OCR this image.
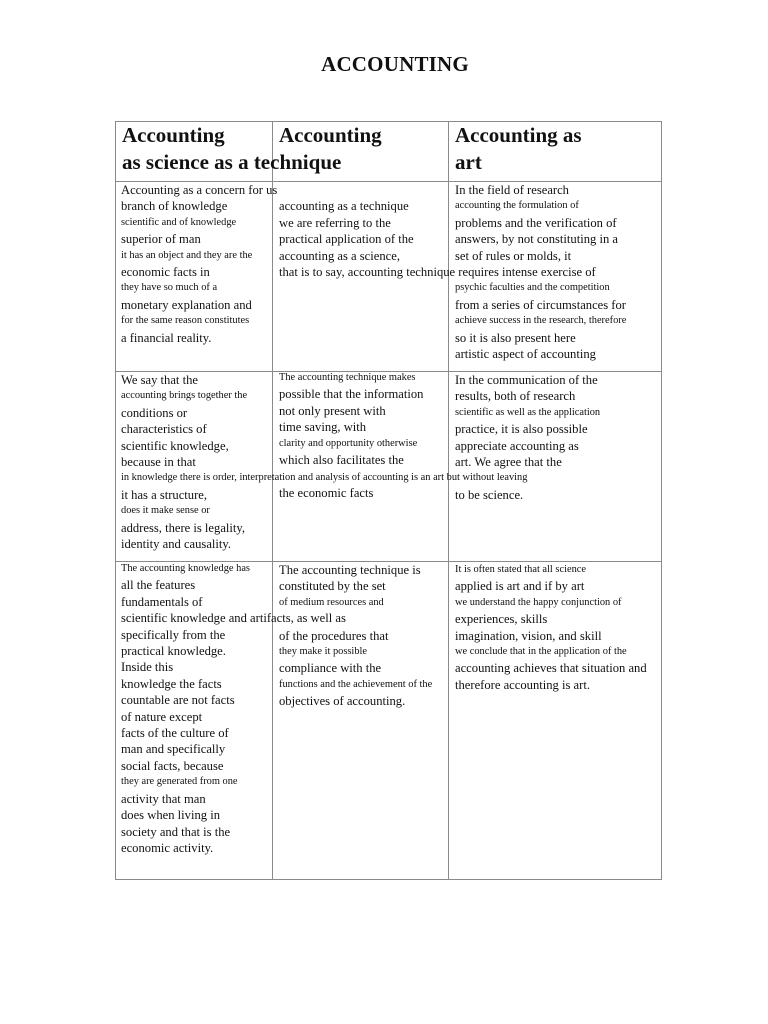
ACCOUNTING
Accounting
as science as a technique
Accounting	Accounting as
art
Accounting as a concern for us
branch of knowledge
scientific and of knowledge
superior of man
it has an object and they are the
economic facts in
they have so much of a
monetary explanation and
for the same reason constitutes
a financial reality.

accounting as a technique
we are referring to the
practical application of the
accounting as a science,
that is to say, accounting technique requires intense exercise of
In the field of research
accounting the formulation of
problems and the verification of
answers, by not constituting in a
set of rules or molds, it

psychic faculties and the competition
from a series of circumstances for
achieve success in the research, therefore
so it is also present here
artistic aspect of accounting
We say that the
accounting brings together the
conditions or
characteristics of
scientific knowledge,
because in that
in knowledge there is order, interpretation and analysis of accounting is an art but without leaving
it has a structure,
does it make sense or
address, there is legality,
identity and causality.
The accounting technique makes
possible that the information
not only present with
time saving, with
clarity and opportunity otherwise
which also facilitates the

the economic facts
In the communication of the
results, both of research
scientific as well as the application
practice, it is also possible
appreciate accounting as
art. We agree that the

to be science.
The accounting knowledge has
all the features
fundamentals of
scientific knowledge and artifacts, as well as
specifically from the
practical knowledge.
Inside this
knowledge the facts
countable are not facts
of nature except
facts of the culture of
man and specifically
social facts, because
they are generated from one
activity that man
does when living in
society and that is the
economic activity.
The accounting technique is
constituted by the set
of medium resources and

of the procedures that
they make it possible
compliance with the
functions and the achievement of the
objectives of accounting.
It is often stated that all science
applied is art and if by art
we understand the happy conjunction of
experiences, skills
imagination, vision, and skill
we conclude that in the application of the
accounting achieves that situation and
therefore accounting is art.
